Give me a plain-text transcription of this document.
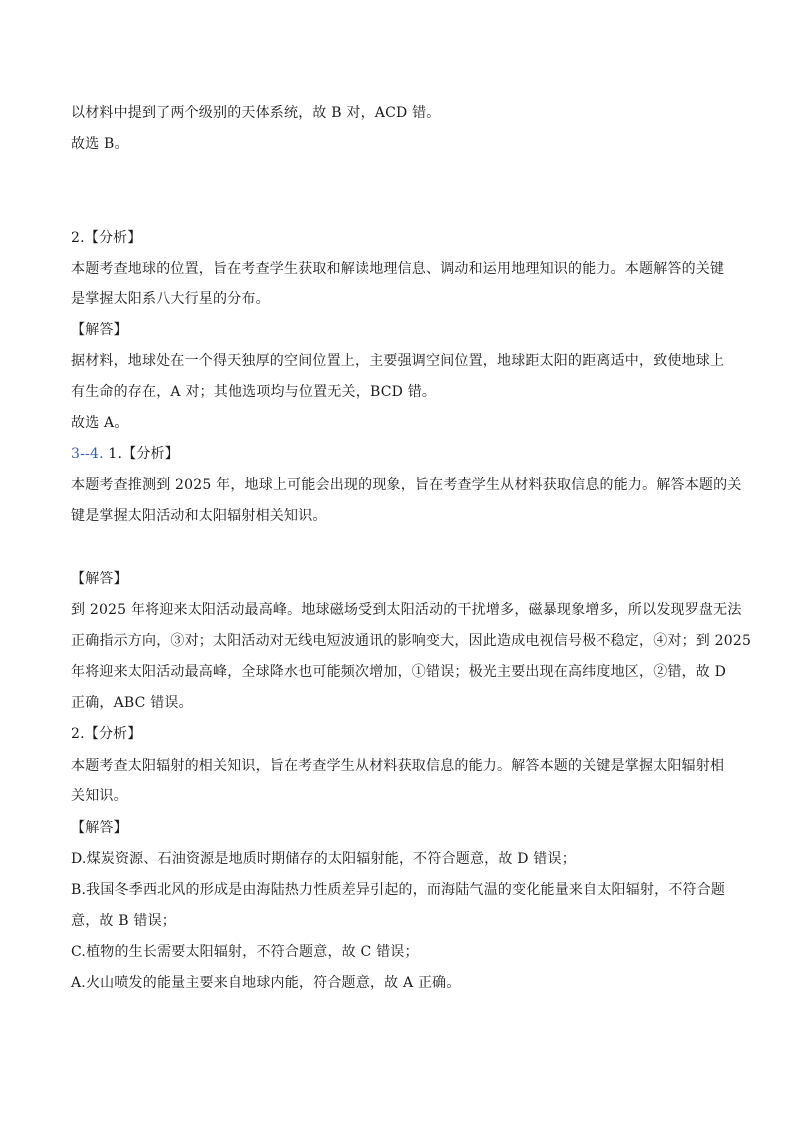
以材料中提到了两个级别的天体系统，故 B 对，ACD 错。
故选 B。
2.【分析】
本题考查地球的位置，旨在考查学生获取和解读地理信息、调动和运用地理知识的能力。本题解答的关键
是掌握太阳系八大行星的分布。
【解答】
据材料，地球处在一个得天独厚的空间位置上，主要强调空间位置，地球距太阳的距离适中，致使地球上
有生命的存在，A 对；其他选项均与位置无关，BCD 错。
故选 A。
3--4. 1.【分析】
本题考查推测到 2025 年，地球上可能会出现的现象，旨在考查学生从材料获取信息的能力。解答本题的关
键是掌握太阳活动和太阳辐射相关知识。
【解答】
到 2025 年将迎来太阳活动最高峰。地球磁场受到太阳活动的干扰增多，磁暴现象增多，所以发现罗盘无法
正确指示方向，③对；太阳活动对无线电短波通讯的影响变大，因此造成电视信号极不稳定，④对；到 2025
年将迎来太阳活动最高峰，全球降水也可能频次增加，①错误；极光主要出现在高纬度地区，②错，故 D
正确，ABC 错误。
2.【分析】
本题考查太阳辐射的相关知识，旨在考查学生从材料获取信息的能力。解答本题的关键是掌握太阳辐射相
关知识。
【解答】
D.煤炭资源、石油资源是地质时期储存的太阳辐射能，不符合题意，故 D 错误；
B.我国冬季西北风的形成是由海陆热力性质差异引起的，而海陆气温的变化能量来自太阳辐射，不符合题
意，故 B 错误；
C.植物的生长需要太阳辐射，不符合题意，故 C 错误；
A.火山喷发的能量主要来自地球内能，符合题意，故 A 正确。
